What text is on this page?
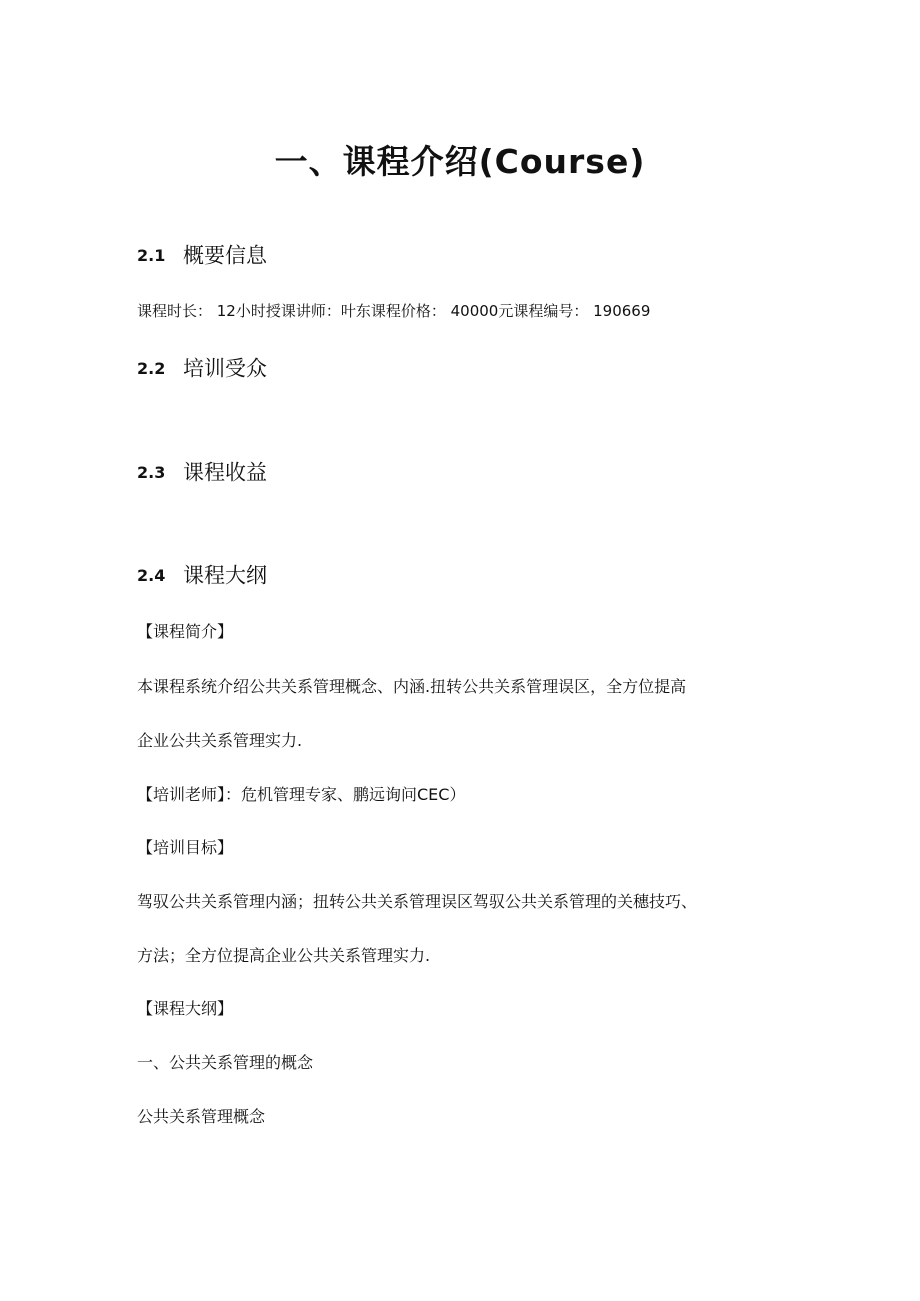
一、课程介绍(Course)
2.1 概要信息
课程时长： 12小时授课讲师：叶东课程价格： 40000元课程编号： 190669
2.2 培训受众
2.3 课程收益
2.4 课程大纲
【课程简介】
本课程系统介绍公共关系管理概念、内涵.扭转公共关系管理误区，全方位提高
企业公共关系管理实力.
【培训老师】：危机管理专家、鹏远询问CEC）
【培训目标】
驾驭公共关系管理内涵；扭转公共关系管理误区驾驭公共关系管理的关穗技巧、
方法；全方位提高企业公共关系管理实力.
【课程大纲】
一、公共关系管理的概念
公共关系管理概念
